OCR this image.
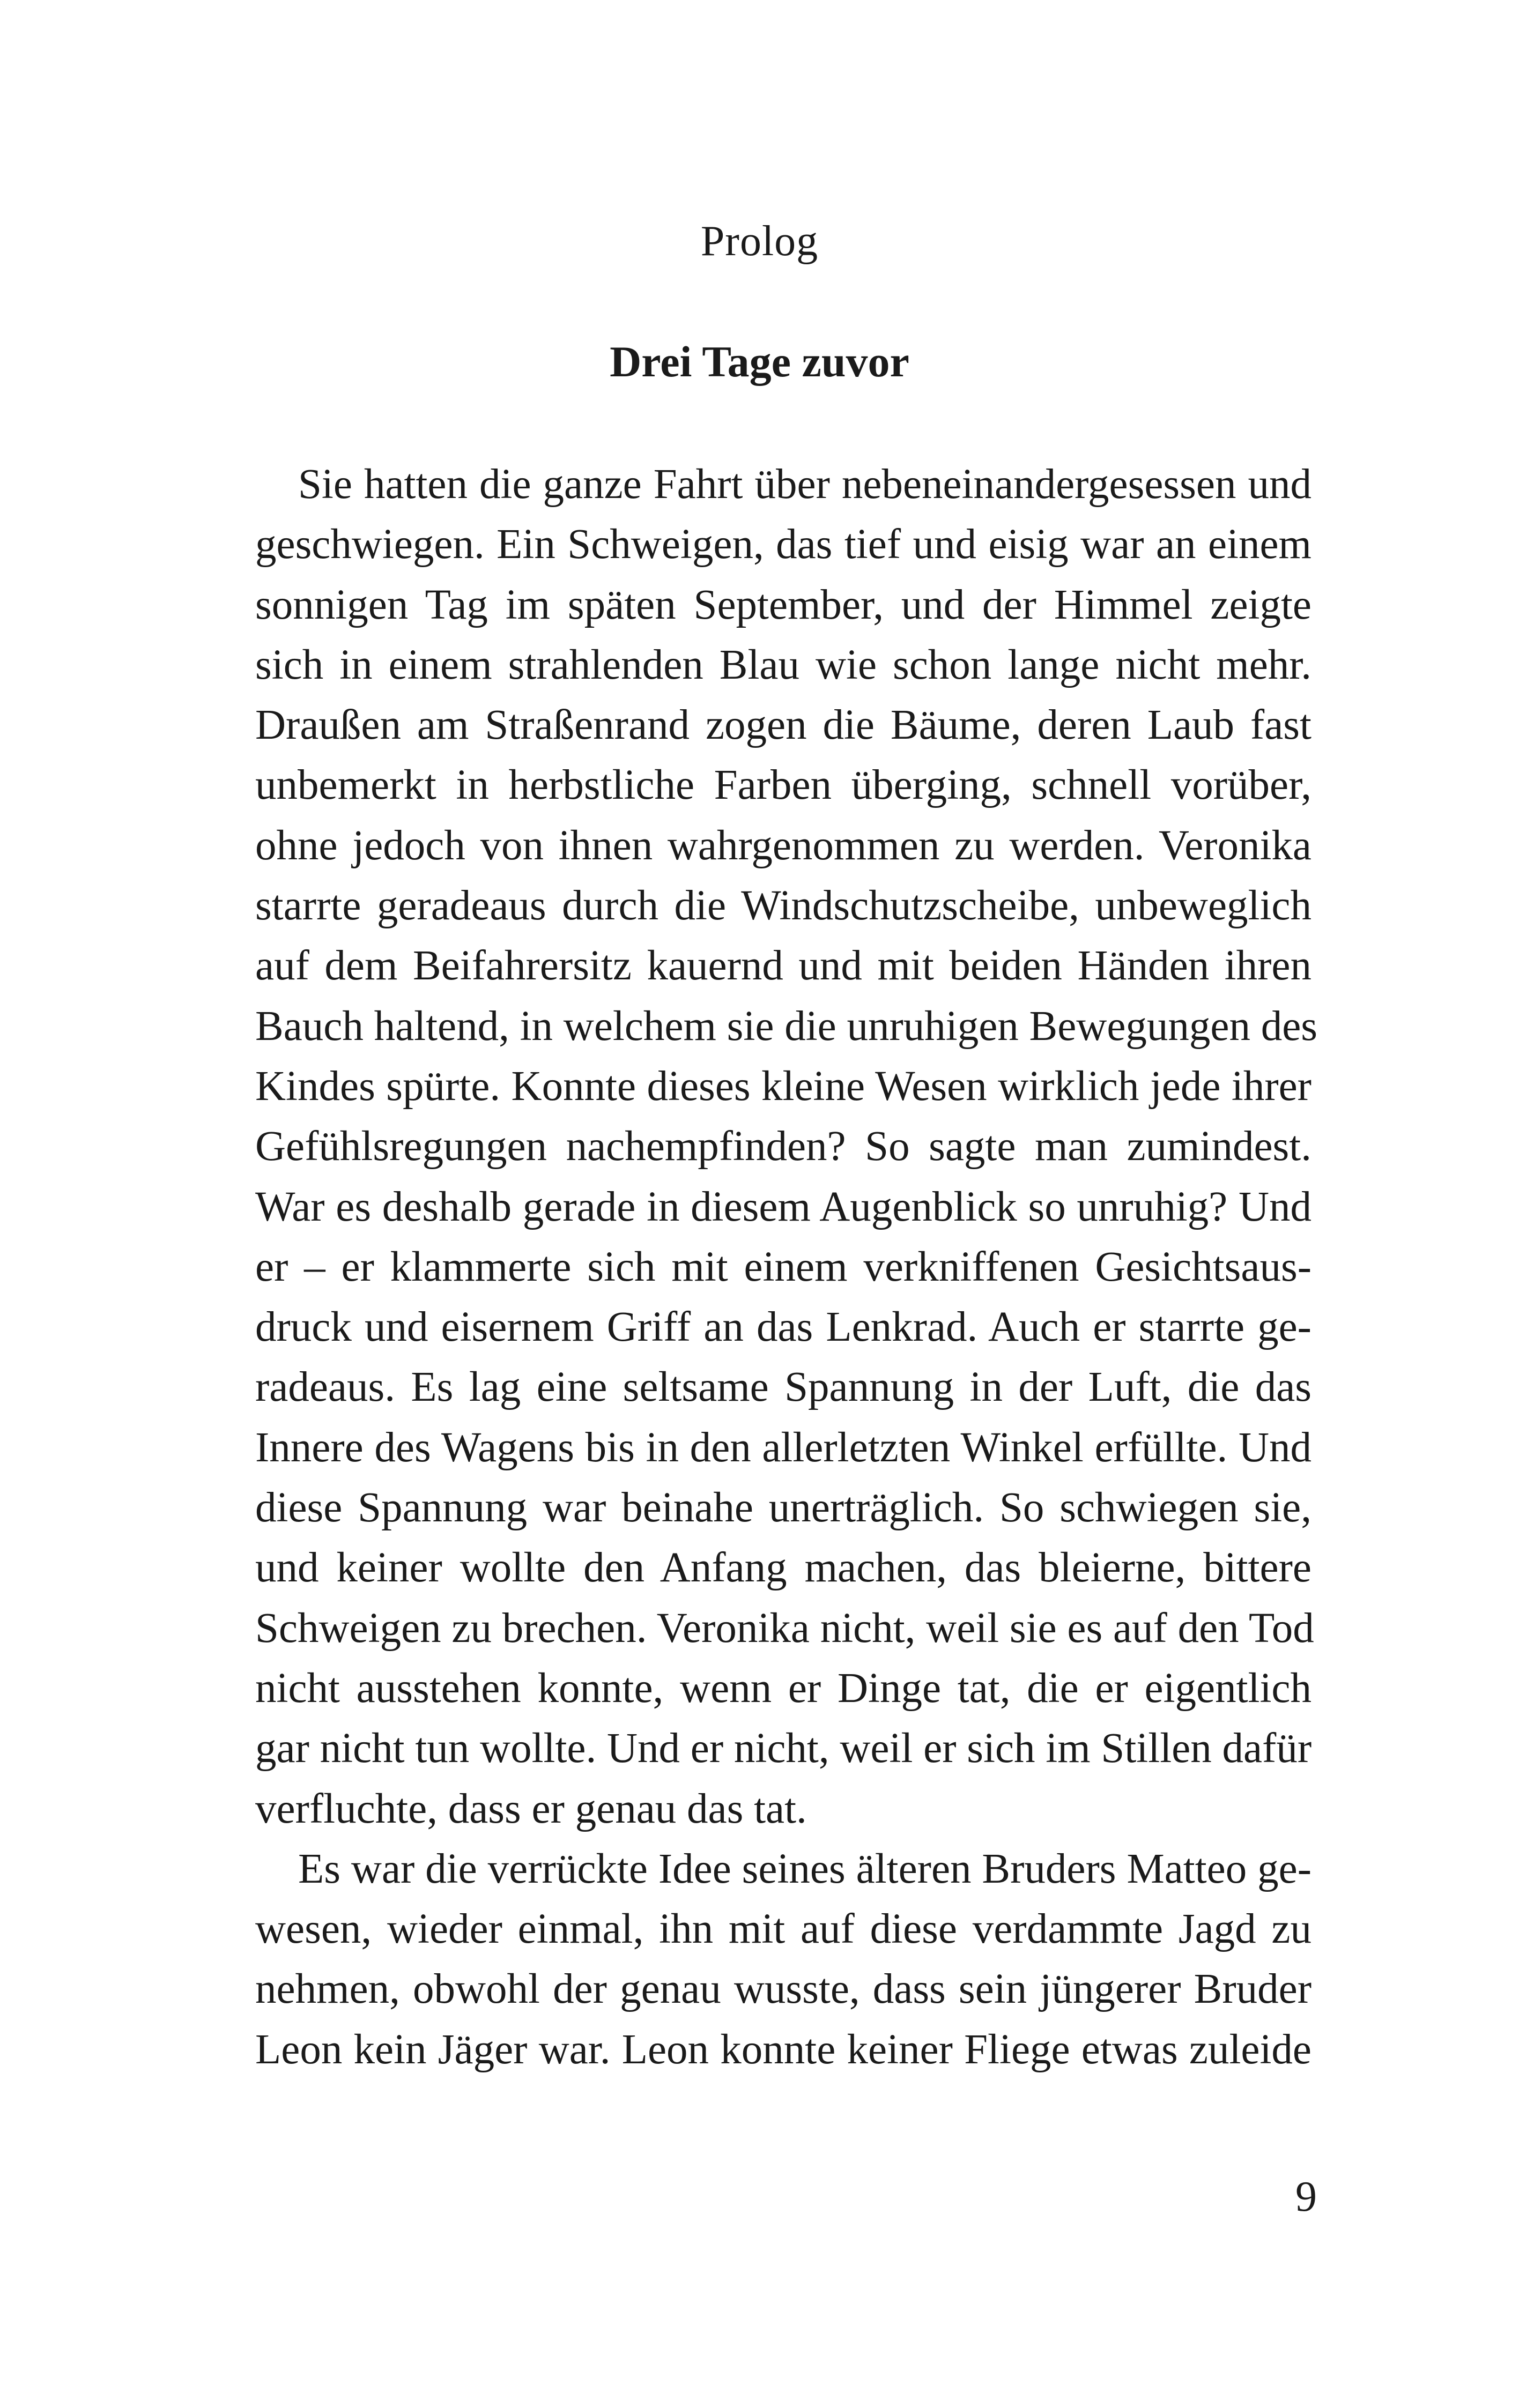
Prolog
Drei Tage zuvor
Sie hatten die ganze Fahrt über nebeneinandergesessen und
geschwiegen. Ein Schweigen, das tief und eisig war an einem
sonnigen Tag im späten September, und der Himmel zeigte
sich in einem strahlenden Blau wie schon lange nicht mehr.
Draußen am Straßenrand zogen die Bäume, deren Laub fast
unbemerkt in herbstliche Farben überging, schnell vorüber,
ohne jedoch von ihnen wahrgenommen zu werden. Veronika
starrte geradeaus durch die Windschutzscheibe, unbeweglich
auf dem Beifahrersitz kauernd und mit beiden Händen ihren
Bauch haltend, in welchem sie die unruhigen Bewegungen des
Kindes spürte. Konnte dieses kleine Wesen wirklich jede ihrer
Gefühlsregungen nachempfinden? So sagte man zumindest.
War es deshalb gerade in diesem Augenblick so unruhig? Und
er – er klammerte sich mit einem verkniffenen Gesichtsaus-
druck und eisernem Griff an das Lenkrad. Auch er starrte ge-
radeaus. Es lag eine seltsame Spannung in der Luft, die das
Innere des Wagens bis in den allerletzten Winkel erfüllte. Und
diese Spannung war beinahe unerträglich. So schwiegen sie,
und keiner wollte den Anfang machen, das bleierne, bittere
Schweigen zu brechen. Veronika nicht, weil sie es auf den Tod
nicht ausstehen konnte, wenn er Dinge tat, die er eigentlich
gar nicht tun wollte. Und er nicht, weil er sich im Stillen dafür
verfluchte, dass er genau das tat.
Es war die verrückte Idee seines älteren Bruders Matteo ge-
wesen, wieder einmal, ihn mit auf diese verdammte Jagd zu
nehmen, obwohl der genau wusste, dass sein jüngerer Bruder
Leon kein Jäger war. Leon konnte keiner Fliege etwas zuleide
9
